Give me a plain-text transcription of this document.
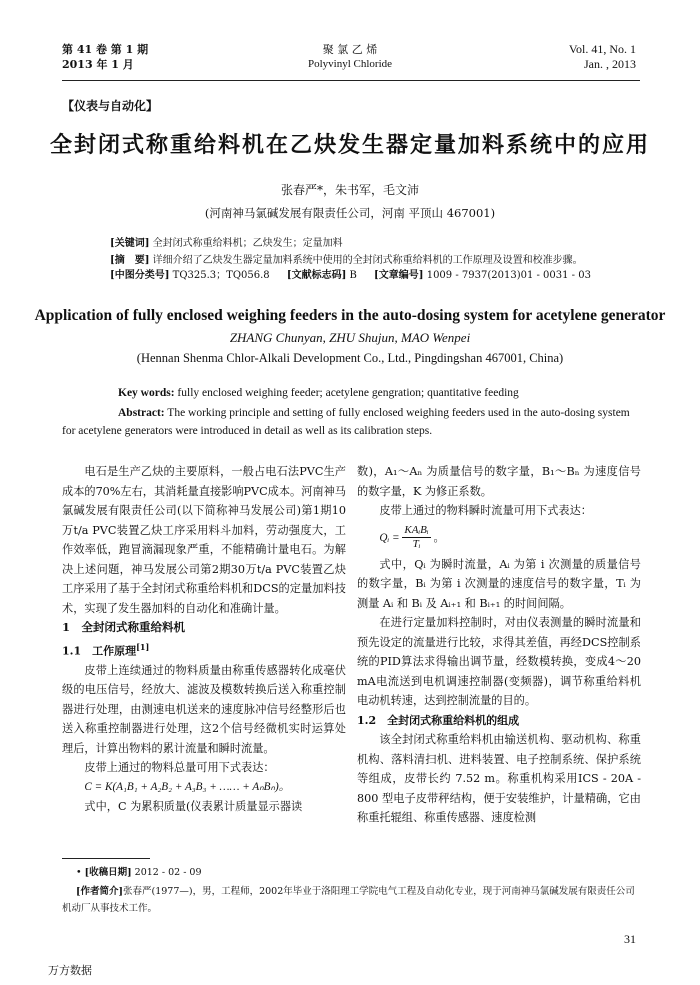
第 41 卷 第 1 期
2013 年 1 月
聚 氯 乙 烯
Polyvinyl Chloride
Vol. 41, No. 1
Jan. , 2013
【仪表与自动化】
全封闭式称重给料机在乙炔发生器定量加料系统中的应用
张春严*，朱书军，毛文沛
(河南神马氯碱发展有限责任公司，河南 平顶山 467001)
[关键词] 全封闭式称重给料机；乙炔发生；定量加料
[摘　要] 详细介绍了乙炔发生器定量加料系统中使用的全封闭式称重给料机的工作原理及设置和校准步骤。
[中图分类号] TQ325.3；TQ056.8 [文献标志码] B [文章编号] 1009 - 7937(2013)01 - 0031 - 03
Application of fully enclosed weighing feeders in the auto-dosing system for acetylene generator
ZHANG Chunyan, ZHU Shujun, MAO Wenpei
(Hennan Shenma Chlor-Alkali Development Co., Ltd., Pingdingshan 467001, China)
Key words: fully enclosed weighing feeder; acetylene gengration; quantitative feeding
Abstract: The working principle and setting of fully enclosed weighing feeders used in the auto-dosing system for acetylene generators were introduced in detail as well as its calibration steps.

电石是生产乙炔的主要原料，一般占电石法PVC生产成本的70%左右，其消耗量直接影响PVC成本。河南神马氯碱发展有限责任公司(以下简称神马发展公司)第1期10万t/a PVC装置乙炔工序采用料斗加料，劳动强度大，工作效率低，跑冒滴漏现象严重，不能精确计量电石。为解决上述问题，神马发展公司第2期30万t/a PVC装置乙炔工序采用了基于全封闭式称重给料机和DCS的定量加料技术，实现了发生器加料的自动化和准确计量。

1　全封闭式称重给料机
1.1　工作原理[1]

皮带上连续通过的物料质量由称重传感器转化成毫伏级的电压信号，经放大、滤波及模数转换后送入称重控制器进行处理，由测速电机送来的速度脉冲信号经整形后也送入称重控制器进行处理，这2个信号经微机实时运算处理后，计算出物料的累计流量和瞬时流量。

皮带上通过的物料总量可用下式表达：

C = K(A₁B₁ + A₂B₂ + A₃B₃ + …… + AₙBₙ)。

式中，C 为累积质量(仪表累计质量显示器读

数)，A₁～Aₙ 为质量信号的数字量，B₁～Bₙ 为速度信号的数字量，K 为修正系数。

皮带上通过的物料瞬时流量可用下式表达：

Qᵢ = $\frac{\text{KAᵢBᵢ}}{\text{Tᵢ}}$ 。

式中，Qᵢ 为瞬时流量，Aᵢ 为第 i 次测量的质量信号的数字量，Bᵢ 为第 i 次测量的速度信号的数字量，Tᵢ 为测量 Aᵢ 和 Bᵢ 及 Aᵢ₊₁ 和 Bᵢ₊₁ 的时间间隔。

在进行定量加料控制时，对由仪表测量的瞬时流量和预先设定的流量进行比较，求得其差值，再经DCS控制系统的PID算法求得输出调节量，经数模转换，变成4～20 mA电流送到电机调速控制器(变频器)，调节称重给料机电动机转速，达到控制流量的目的。

1.2　全封闭式称重给料机的组成

该全封闭式称重给料机由输送机构、驱动机构、称重机构、落料清扫机、进料装置、电子控制系统、保护系统等组成，皮带长约 7.52 m。称重机构采用ICS - 20A - 800 型电子皮带秤结构，便于安装维护，计量精确，它由称重托辊组、称重传感器、速度检测

• [收稿日期] 2012 - 02 - 09
[作者简介]张春严(1977—)，男，工程师，2002年毕业于洛阳理工学院电气工程及自动化专业，现于河南神马氯碱发展有限责任公司机动厂从事技术工作。
31
万方数据
